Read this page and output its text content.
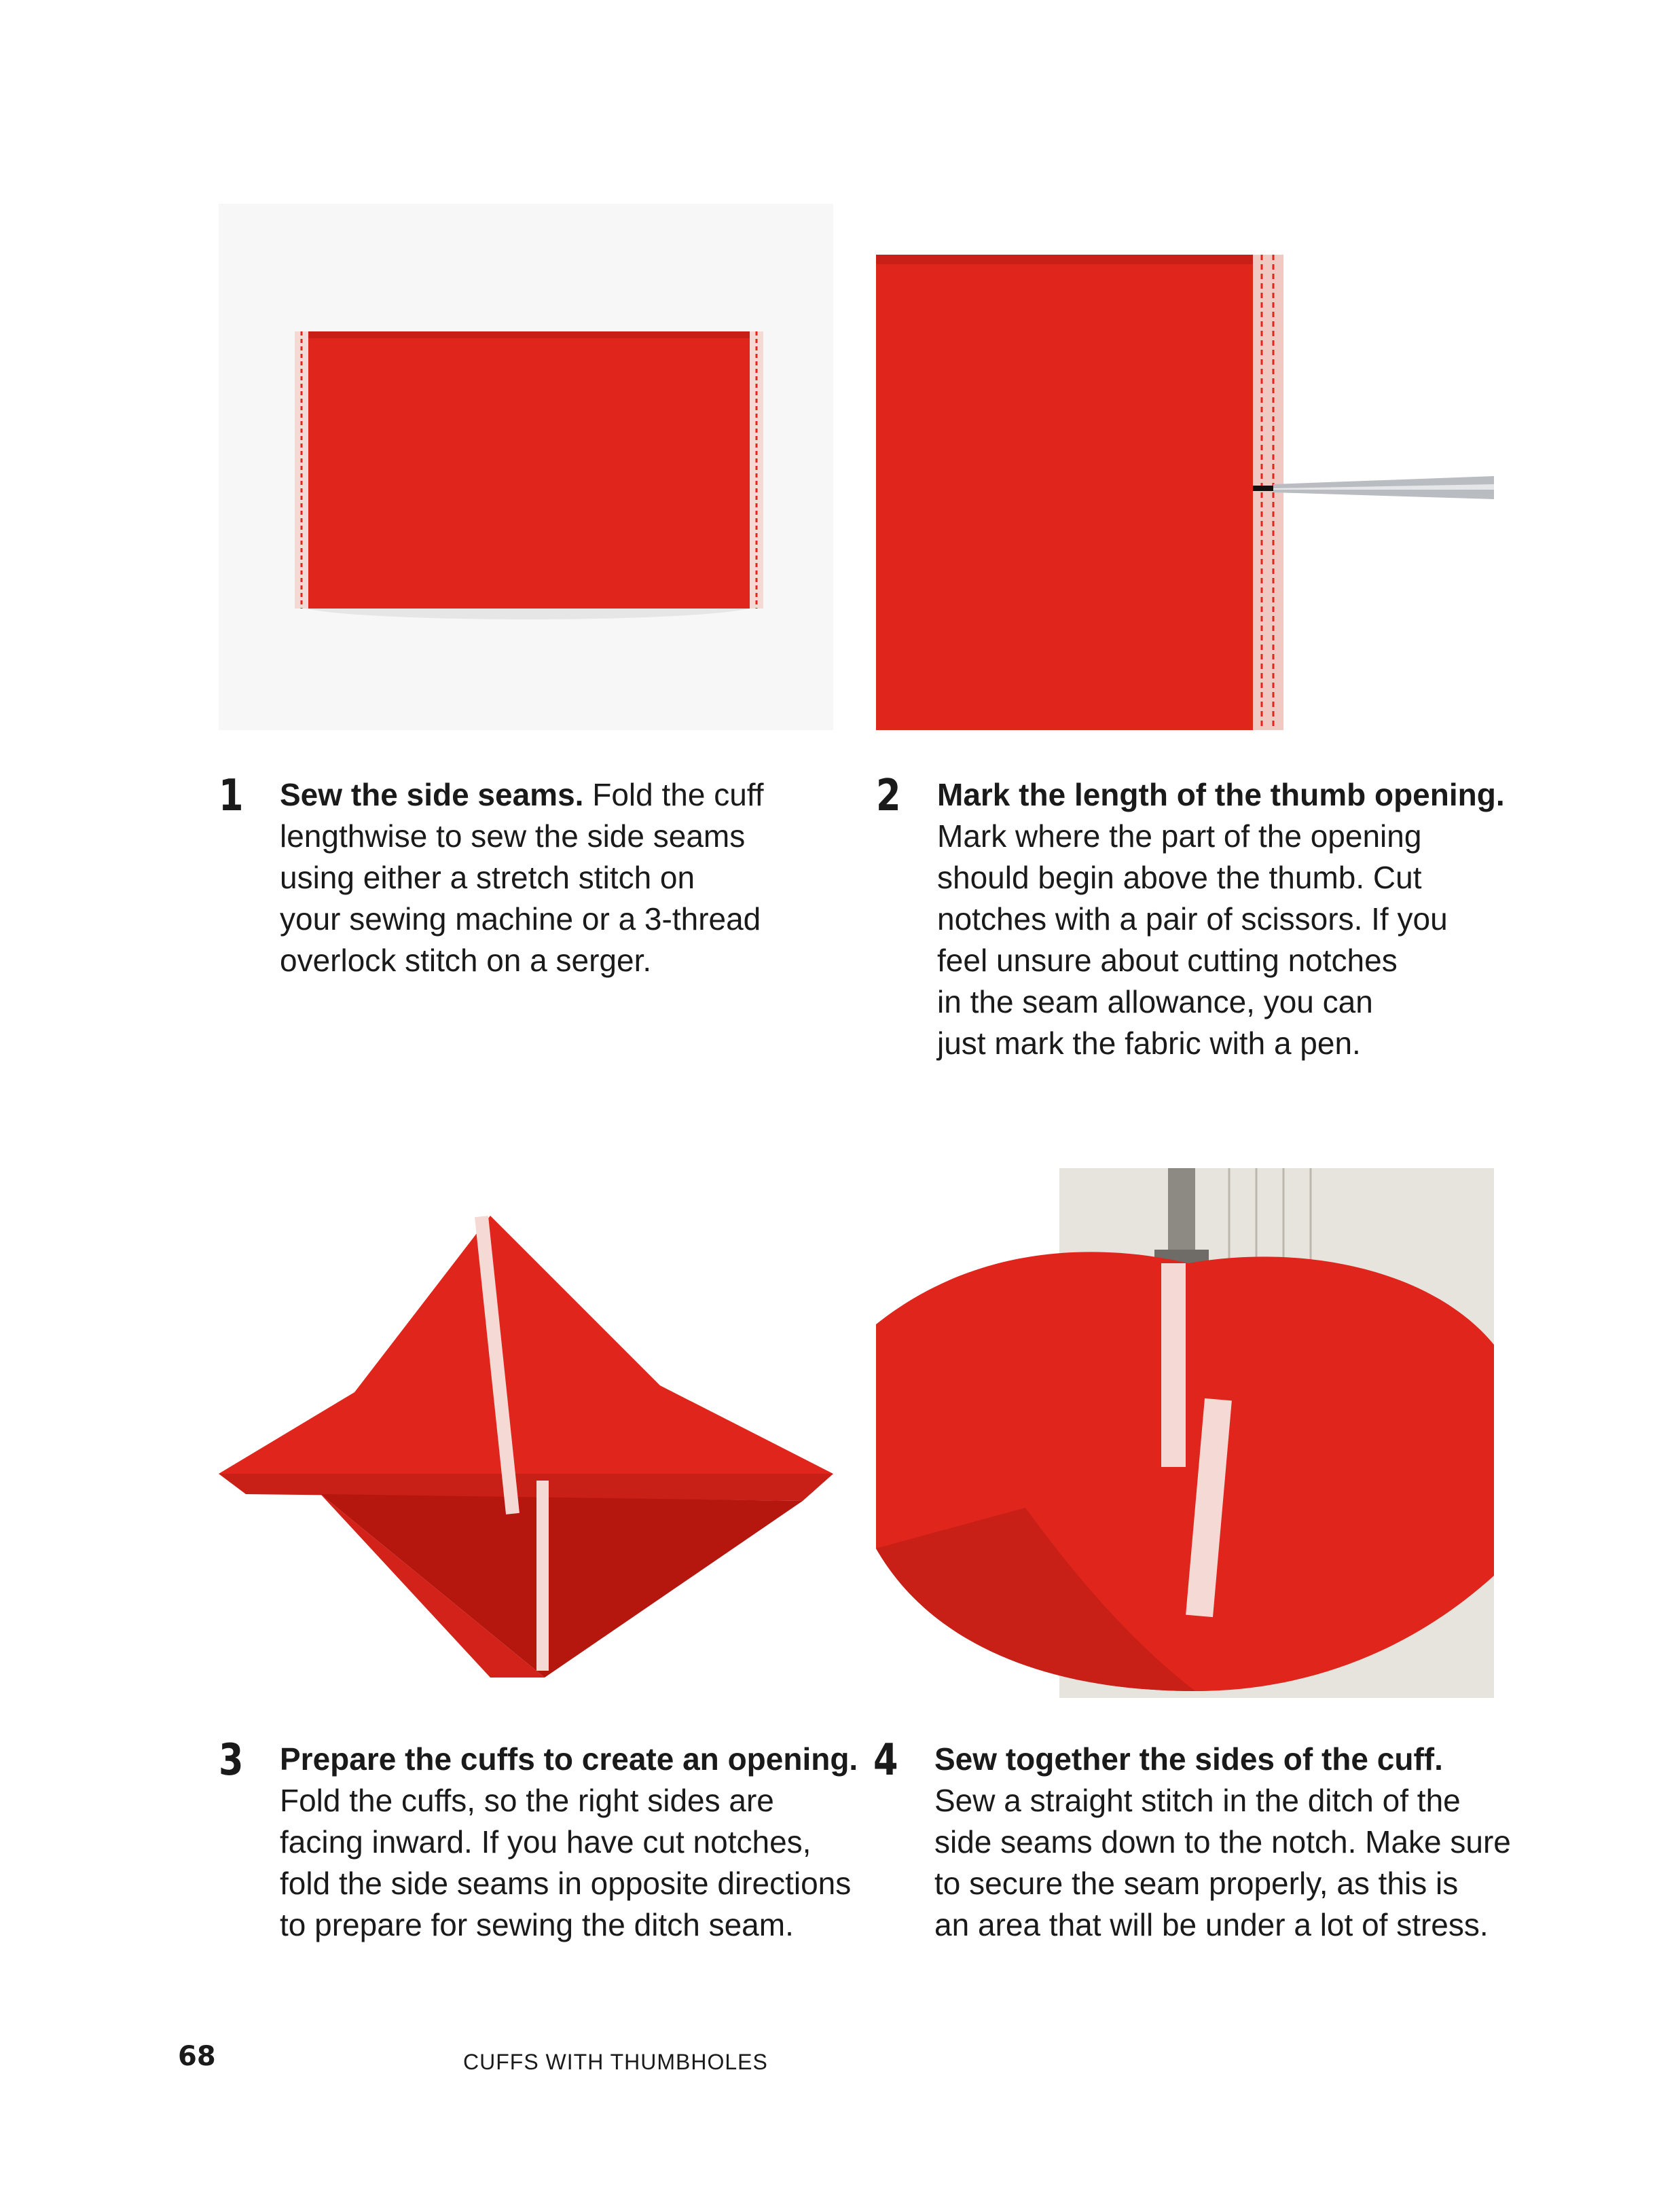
1 Sew the side seams. Fold the cuff
lengthwise to sew the side seams
using either a stretch stitch on
your sewing machine or a 3-thread
overlock stitch on a serger.
2 Mark the length of the thumb opening.
Mark where the part of the opening
should begin above the thumb. Cut
notches with a pair of scissors. If you
feel unsure about cutting notches
in the seam allowance, you can
just mark the fabric with a pen.
3 Prepare the cuffs to create an opening.
Fold the cuffs, so the right sides are
facing inward. If you have cut notches,
fold the side seams in opposite directions
to prepare for sewing the ditch seam.
4 Sew together the sides of the cuff.
Sew a straight stitch in the ditch of the
side seams down to the notch. Make sure
to secure the seam properly, as this is
an area that will be under a lot of stress.
68	CUFFS WITH THUMBHOLES
